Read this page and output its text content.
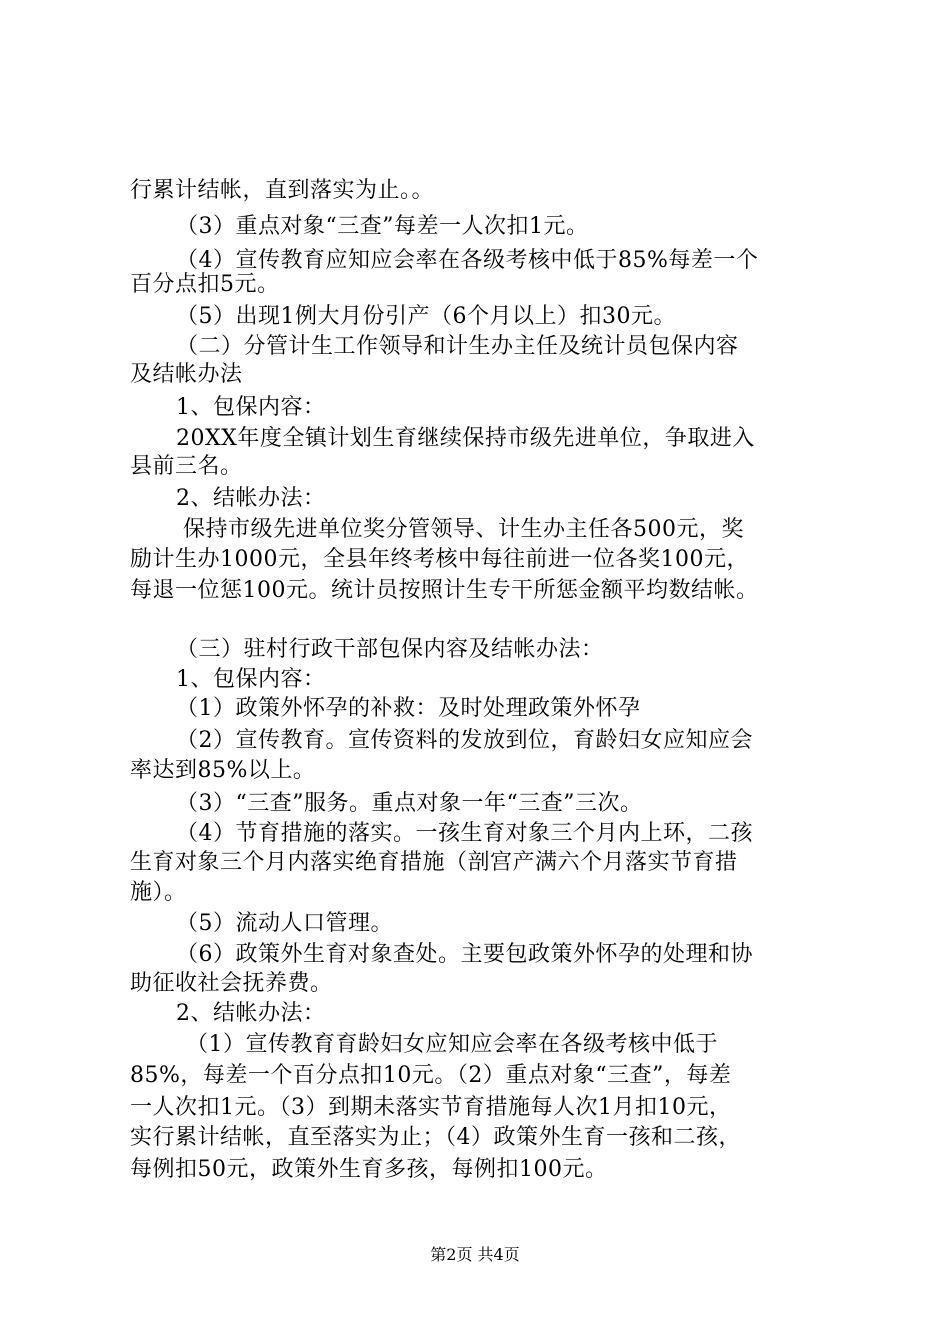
行累计结帐，直到落实为止。。
（3）重点对象“三查”每差一人次扣1元。
（4）宣传教育应知应会率在各级考核中低于85%每差一个
百分点扣5元。
（5）出现1例大月份引产（6个月以上）扣30元。
（二）分管计生工作领导和计生办主任及统计员包保内容
及结帐办法
1、包保内容：
20XX年度全镇计划生育继续保持市级先进单位，争取进入
县前三名。
2、结帐办法：
保持市级先进单位奖分管领导、计生办主任各500元，奖
励计生办1000元，全县年终考核中每往前进一位各奖100元，
每退一位惩100元。统计员按照计生专干所惩金额平均数结帐。
（三）驻村行政干部包保内容及结帐办法：
1、包保内容：
（1）政策外怀孕的补救：及时处理政策外怀孕
（2）宣传教育。宣传资料的发放到位，育龄妇女应知应会
率达到85%以上。
（3）“三查”服务。重点对象一年“三查”三次。
（4）节育措施的落实。一孩生育对象三个月内上环，二孩
生育对象三个月内落实绝育措施（剖宫产满六个月落实节育措
施）。
（5）流动人口管理。
（6）政策外生育对象查处。主要包政策外怀孕的处理和协
助征收社会抚养费。
2、结帐办法：
（1）宣传教育育龄妇女应知应会率在各级考核中低于
85%，每差一个百分点扣10元。（2）重点对象“三查”，每差
一人次扣1元。（3）到期未落实节育措施每人次1月扣10元，
实行累计结帐，直至落实为止；（4）政策外生育一孩和二孩，
每例扣50元，政策外生育多孩，每例扣100元。
第2页 共4页
